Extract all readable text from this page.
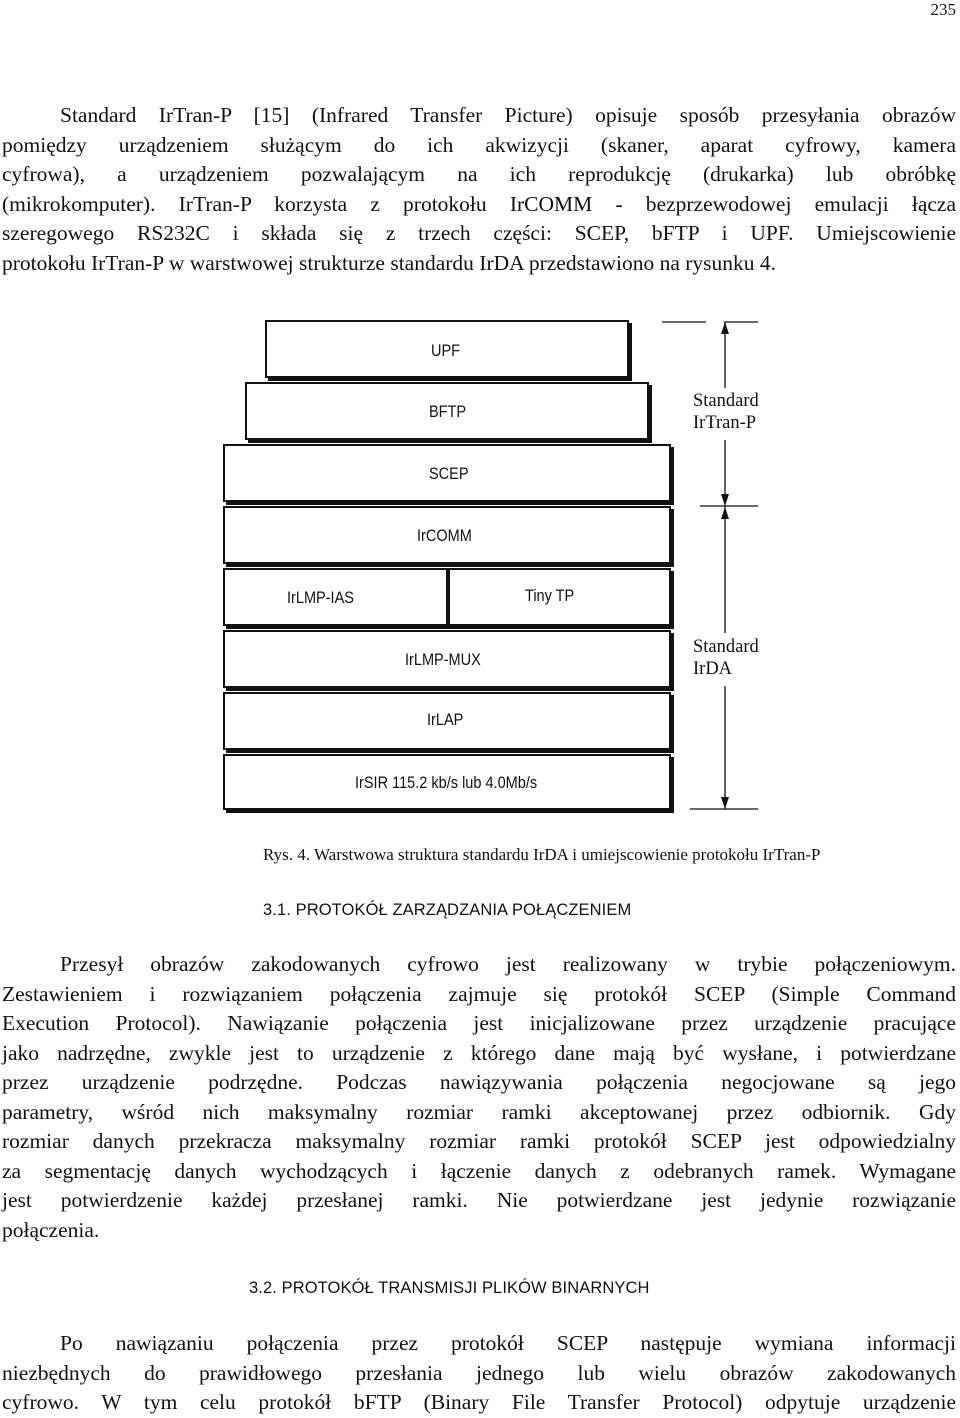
235
Standard IrTran-P [15] (Infrared Transfer Picture) opisuje sposób przesyłania obrazów
pomiędzy urządzeniem służącym do ich akwizycji (skaner, aparat cyfrowy, kamera
cyfrowa), a urządzeniem pozwalającym na ich reprodukcję (drukarka) lub obróbkę
(mikrokomputer). IrTran-P korzysta z protokołu IrCOMM - bezprzewodowej emulacji łącza
szeregowego RS232C i składa się z trzech części: SCEP, bFTP i UPF. Umiejscowienie
protokołu IrTran-P w warstwowej strukturze standardu IrDA przedstawiono na rysunku 4.
UPF
BFTP
SCEP
IrCOMM
IrLMP-IAS	Tiny TP
IrLMP-MUX
IrLAP
IrSIR 115.2 kb/s lub 4.0Mb/s
Standard
IrTran-P
Standard
IrDA
Rys. 4. Warstwowa struktura standardu IrDA i umiejscowienie protokołu IrTran-P
3.1. PROTOKÓŁ ZARZĄDZANIA POŁĄCZENIEM
Przesył obrazów zakodowanych cyfrowo jest realizowany w trybie połączeniowym.
Zestawieniem i rozwiązaniem połączenia zajmuje się protokół SCEP (Simple Command
Execution Protocol). Nawiązanie połączenia jest inicjalizowane przez urządzenie pracujące
jako nadrzędne, zwykle jest to urządzenie z którego dane mają być wysłane, i potwierdzane
przez urządzenie podrzędne. Podczas nawiązywania połączenia negocjowane są jego
parametry, wśród nich maksymalny rozmiar ramki akceptowanej przez odbiornik. Gdy
rozmiar danych przekracza maksymalny rozmiar ramki protokół SCEP jest odpowiedzialny
za segmentację danych wychodzących i łączenie danych z odebranych ramek. Wymagane
jest potwierdzenie każdej przesłanej ramki. Nie potwierdzane jest jedynie rozwiązanie
połączenia.
3.2. PROTOKÓŁ TRANSMISJI PLIKÓW BINARNYCH
Po nawiązaniu połączenia przez protokół SCEP następuje wymiana informacji
niezbędnych do prawidłowego przesłania jednego lub wielu obrazów zakodowanych
cyfrowo. W tym celu protokół bFTP (Binary File Transfer Protocol) odpytuje urządzenie
